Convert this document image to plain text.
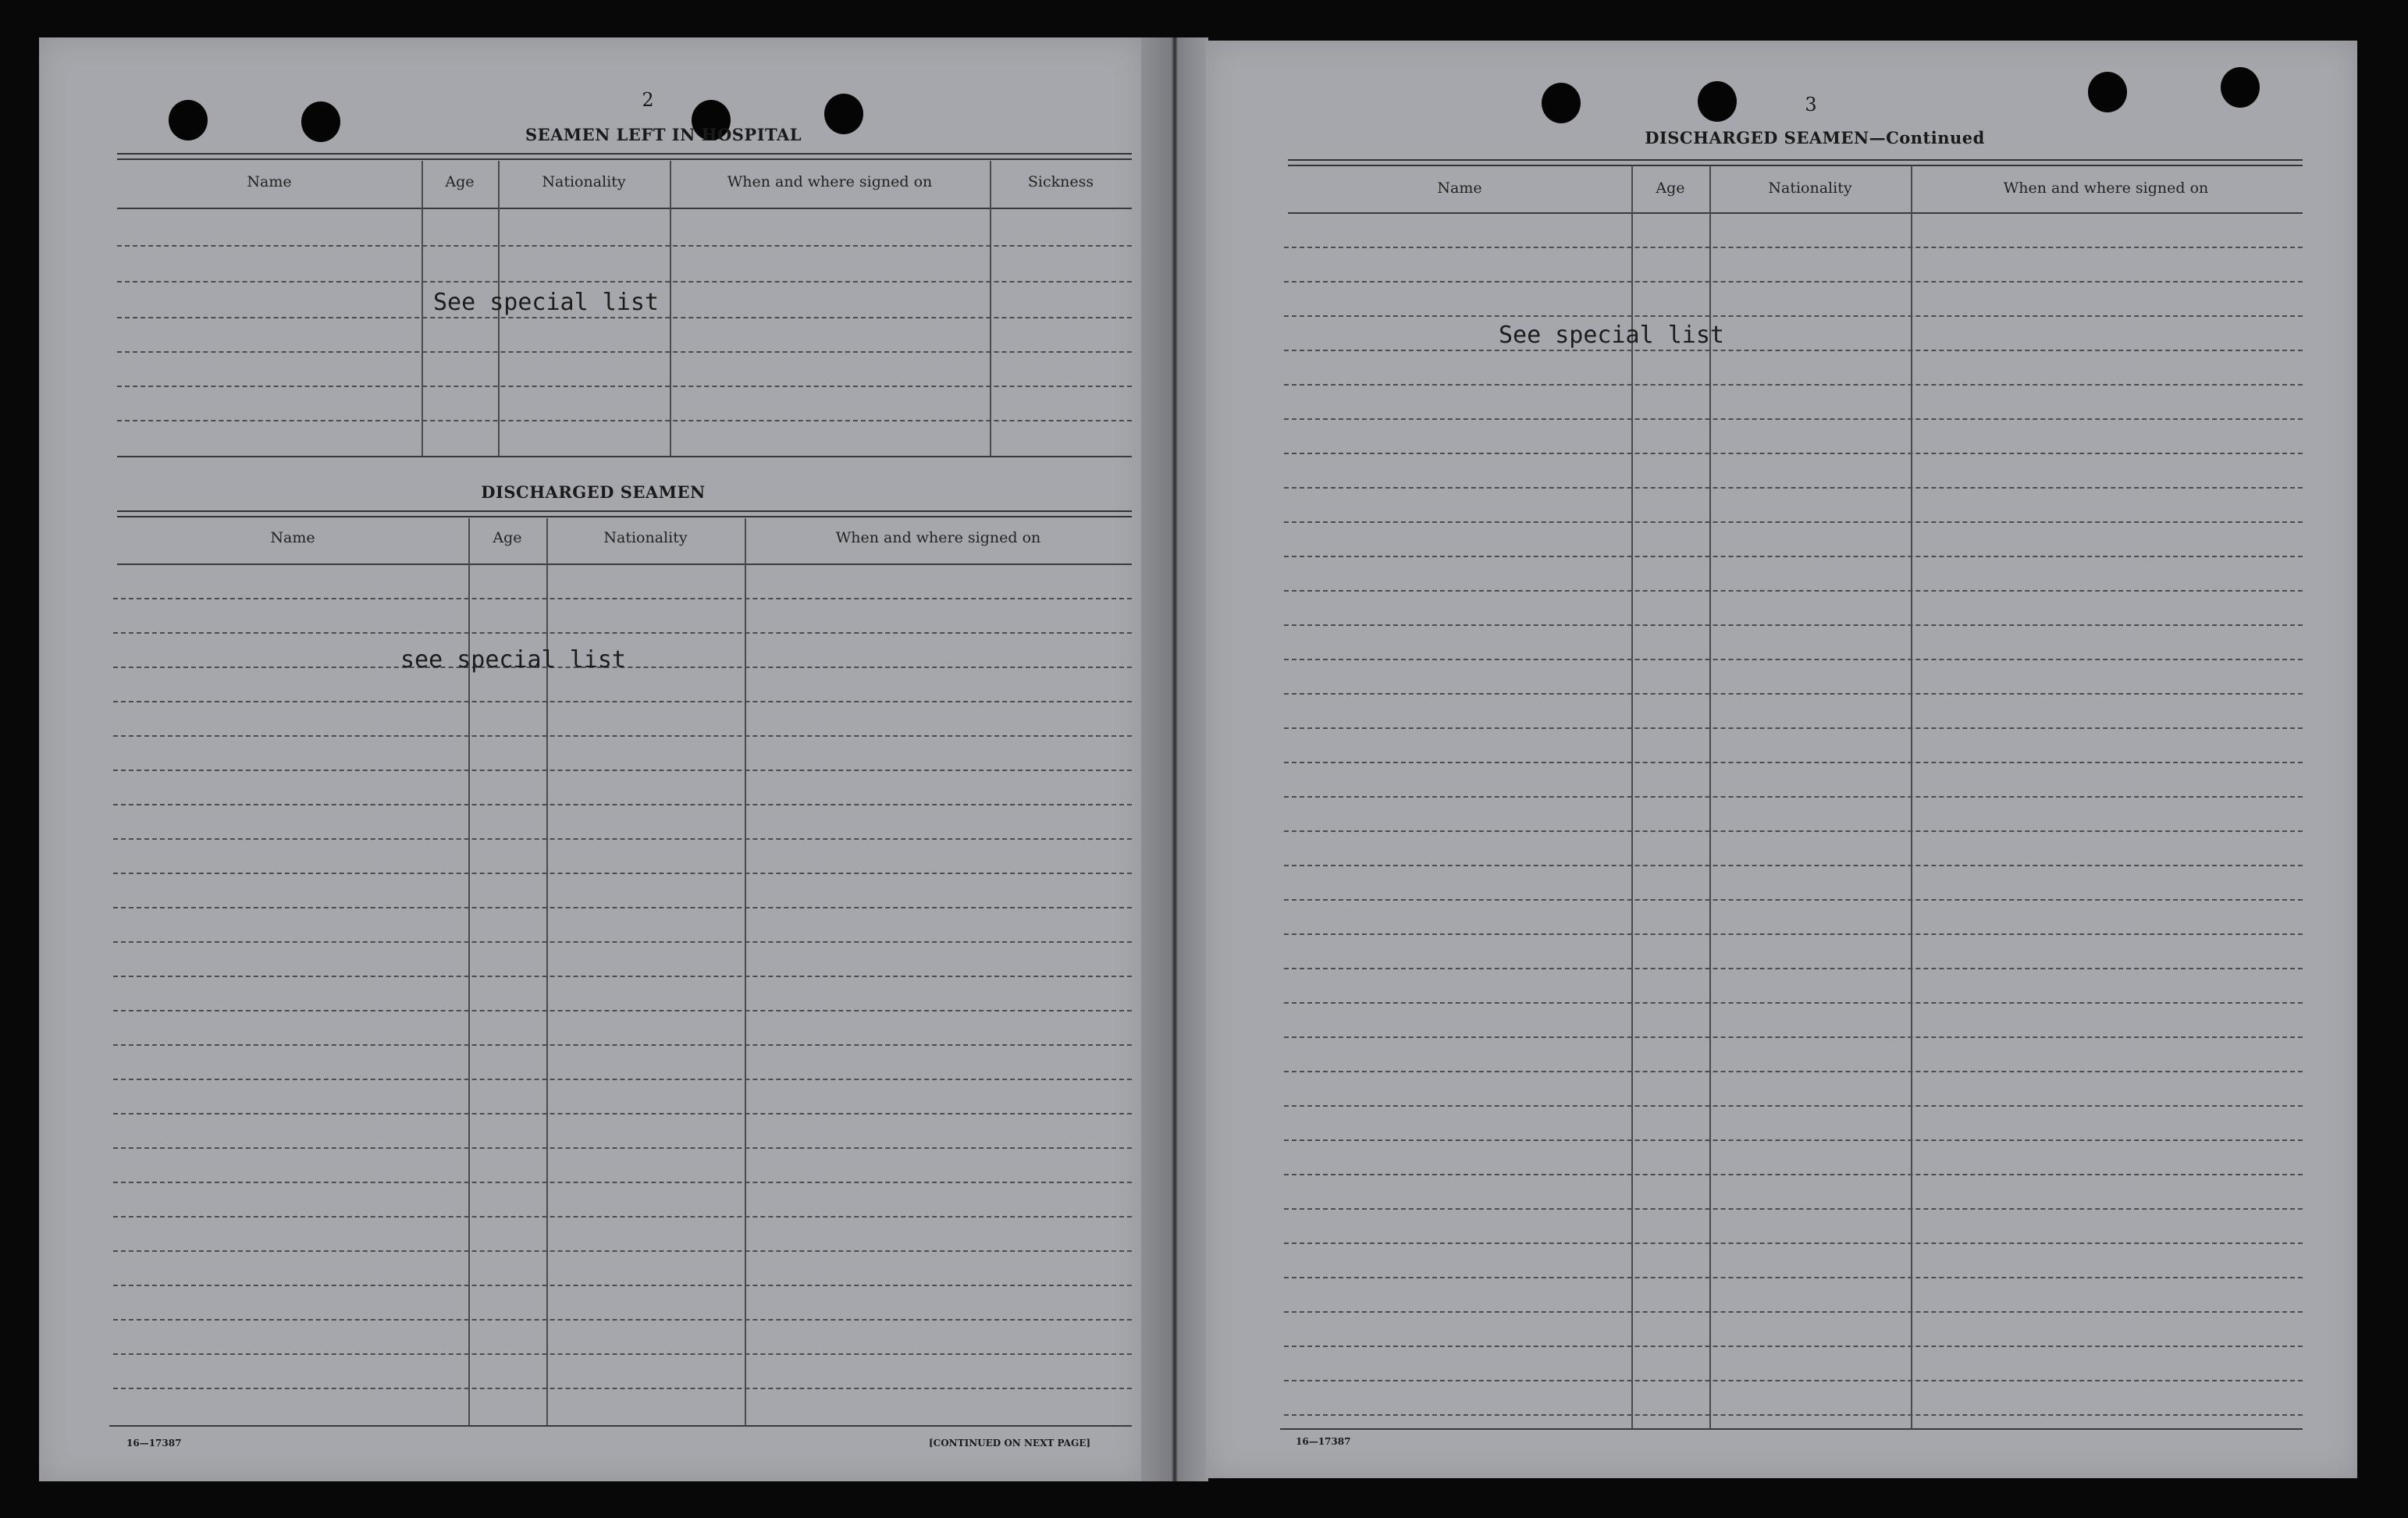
2
SEAMEN LEFT IN HOSPITAL
Name	Age	Nationality	When and where signed on	Sickness
See special list
DISCHARGED SEAMEN
Name	Age	Nationality	When and where signed on
see special list
16—17387	[CONTINUED ON NEXT PAGE]
3
DISCHARGED SEAMEN—Continued
Name	Age	Nationality	When and where signed on
See special list
16—17387
